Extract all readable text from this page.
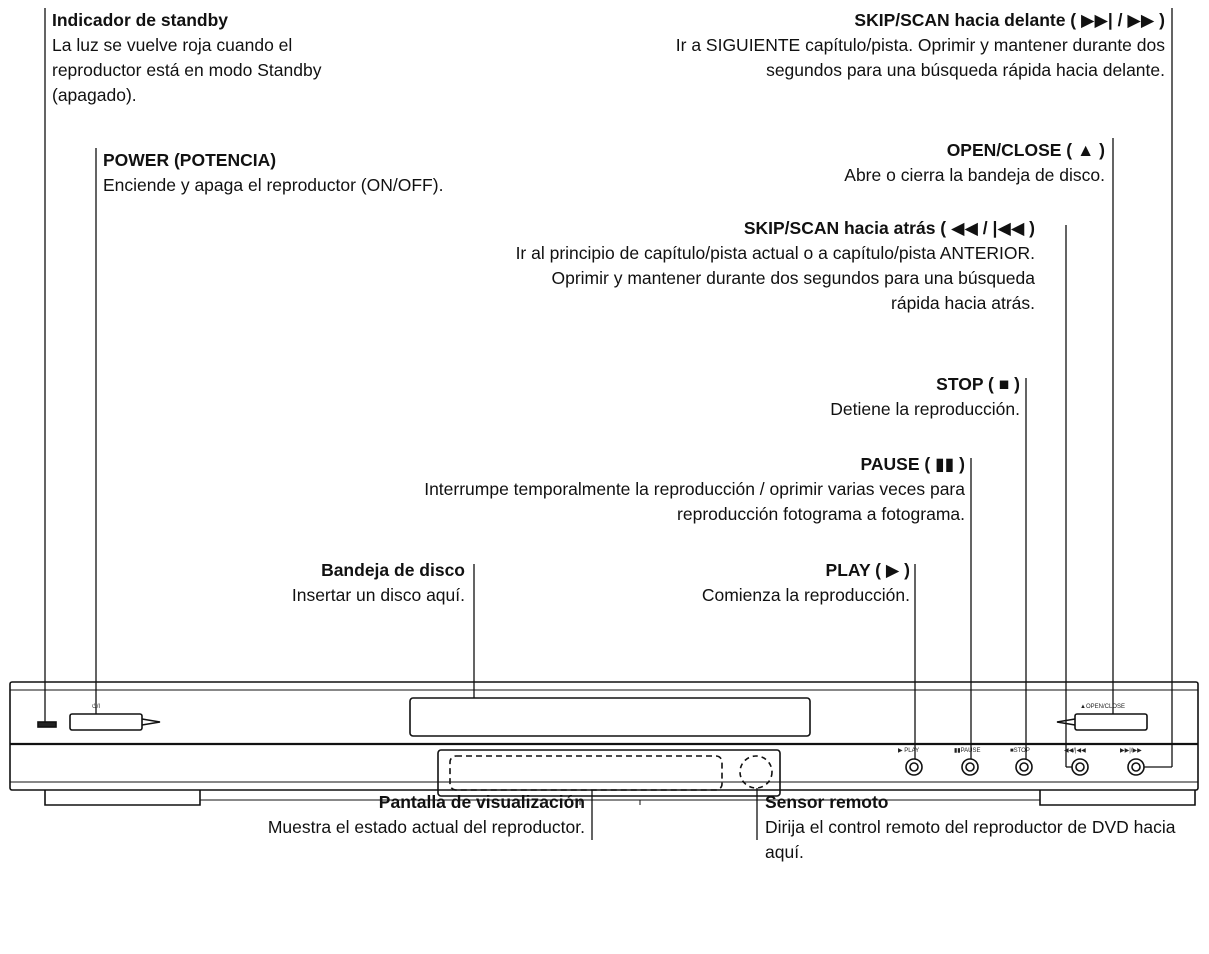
Indicador de standby
La luz se vuelve roja cuando el reproductor está en modo Standby (apagado).
POWER (POTENCIA)
Enciende y apaga el reproductor (ON/OFF).
SKIP/SCAN hacia delante ( ▶▶| / ▶▶ )
Ir a SIGUIENTE capítulo/pista. Oprimir y mantener durante dos segundos para una búsqueda rápida hacia delante.
OPEN/CLOSE ( ▲ )
Abre o cierra la bandeja de disco.
SKIP/SCAN hacia atrás ( ◀◀ / |◀◀ )
Ir al principio de capítulo/pista actual o a capítulo/pista ANTERIOR. Oprimir y mantener durante dos segundos para una búsqueda rápida hacia atrás.
STOP ( ■ )
Detiene la reproducción.
PAUSE ( ▮▮ )
Interrumpe temporalmente la reproducción / oprimir varias veces para reproducción fotograma a fotograma.
Bandeja de disco
Insertar un disco aquí.
PLAY ( ▶ )
Comienza la reproducción.
Pantalla de visualización
Muestra el estado actual del reproductor.
Sensor remoto
Dirija el control remoto del reproductor de DVD hacia aquí.
⏻/I	▲OPEN/CLOSE
▶ PLAY	▮▮PAUSE	■STOP	◀◀/|◀◀	▶▶|/▶▶
